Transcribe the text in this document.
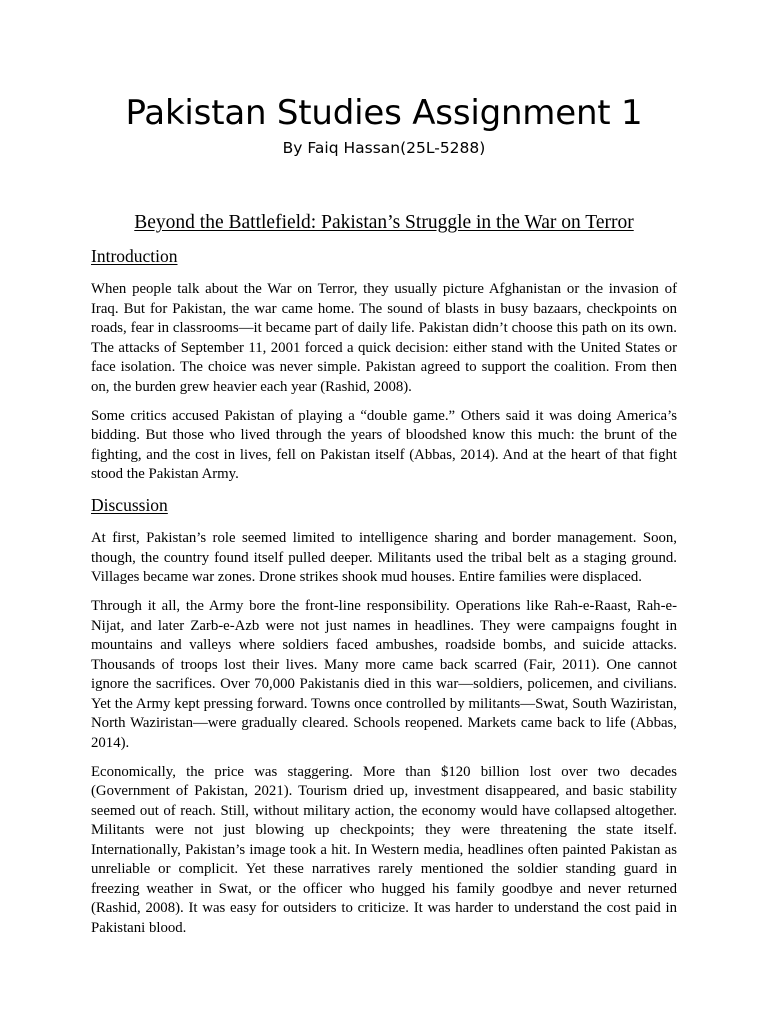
Pakistan Studies Assignment 1
By Faiq Hassan(25L-5288)
Beyond the Battlefield: Pakistan’s Struggle in the War on Terror
Introduction

When people talk about the War on Terror, they usually picture Afghanistan or the invasion of Iraq. But for Pakistan, the war came home. The sound of blasts in busy bazaars, checkpoints on roads, fear in classrooms—it became part of daily life. Pakistan didn’t choose this path on its own. The attacks of September 11, 2001 forced a quick decision: either stand with the United States or face isolation. The choice was never simple. Pakistan agreed to support the coalition. From then on, the burden grew heavier each year (Rashid, 2008).

Some critics accused Pakistan of playing a “double game.” Others said it was doing America’s bidding. But those who lived through the years of bloodshed know this much: the brunt of the fighting, and the cost in lives, fell on Pakistan itself (Abbas, 2014). And at the heart of that fight stood the Pakistan Army.

Discussion

At first, Pakistan’s role seemed limited to intelligence sharing and border management. Soon, though, the country found itself pulled deeper. Militants used the tribal belt as a staging ground. Villages became war zones. Drone strikes shook mud houses. Entire families were displaced.

Through it all, the Army bore the front-line responsibility. Operations like Rah-e-Raast, Rah-e-Nijat, and later Zarb-e-Azb were not just names in headlines. They were campaigns fought in mountains and valleys where soldiers faced ambushes, roadside bombs, and suicide attacks. Thousands of troops lost their lives. Many more came back scarred (Fair, 2011). One cannot ignore the sacrifices. Over 70,000 Pakistanis died in this war—soldiers, policemen, and civilians. Yet the Army kept pressing forward. Towns once controlled by militants—Swat, South Waziristan, North Waziristan—were gradually cleared. Schools reopened. Markets came back to life (Abbas, 2014).

Economically, the price was staggering. More than $120 billion lost over two decades (Government of Pakistan, 2021). Tourism dried up, investment disappeared, and basic stability seemed out of reach. Still, without military action, the economy would have collapsed altogether. Militants were not just blowing up checkpoints; they were threatening the state itself. Internationally, Pakistan’s image took a hit. In Western media, headlines often painted Pakistan as unreliable or complicit. Yet these narratives rarely mentioned the soldier standing guard in freezing weather in Swat, or the officer who hugged his family goodbye and never returned (Rashid, 2008). It was easy for outsiders to criticize. It was harder to understand the cost paid in Pakistani blood.
